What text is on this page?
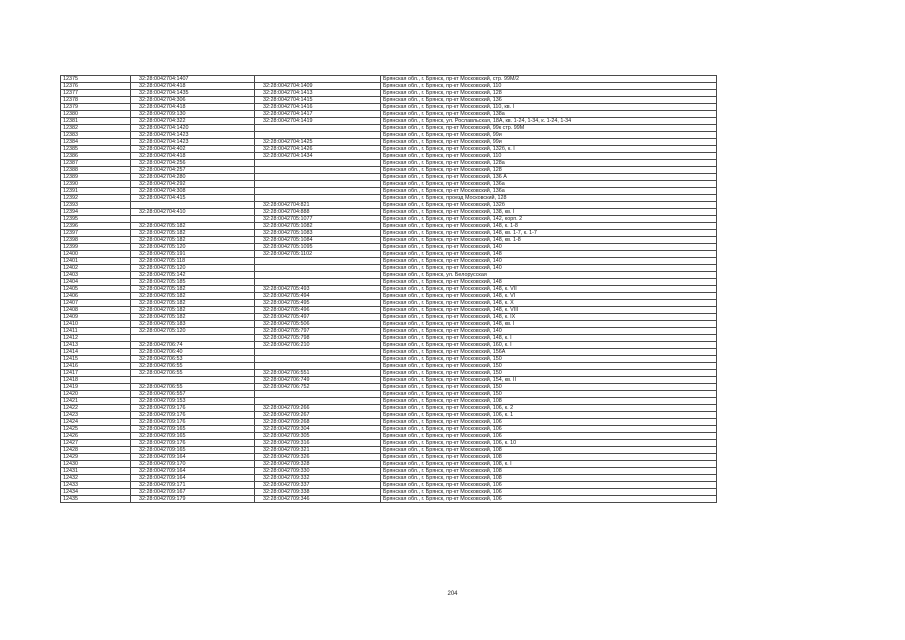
12375	32:28:0042704:1407		Брянская обл., г. Брянск, пр-кт Московский, стр. 99М/2
12376	32:28:0042704:418	32:28:0042704:1409	Брянская обл., г. Брянск, пр-кт Московский, 110
12377	32:28:0042704:1435	32:28:0042704:1413	Брянская обл., г. Брянск, пр-кт Московский, 128
12378	32:28:0042704:306	32:28:0042704:1415	Брянская обл., г. Брянск, пр-кт Московский, 136
12379	32:28:0042704:418	32:28:0042704:1416	Брянская обл., г. Брянск, пр-кт Московский, 110, кв. I
12380	32:28:0042709:130	32:28:0042704:1417	Брянская обл., г. Брянск, пр-кт Московский, 138а
12381	32:28:0042704:322	32:28:0042704:1419	Брянская обл., г. Брянск, ул. Рославльская, 18А, кв. 1-24, 1-34, к. 1-24, 1-34
12382	32:28:0042704:1420		Брянская обл., г. Брянск, пр-кт Московский, 99к стр. 99М
12383	32:28:0042704:1423		Брянская обл., г. Брянск, пр-кт Московский, 99и
12384	32:28:0042704:1423	32:28:0042704:1425	Брянская обл., г. Брянск, пр-кт Московский, 99и
12385	32:28:0042704:402	32:28:0042704:1426	Брянская обл., г. Брянск, пр-кт Московский, 132б, к. I
12386	32:28:0042704:418	32:28:0042704:1434	Брянская обл., г. Брянск, пр-кт Московский, 110
12387	32:28:0042704:256		Брянская обл., г. Брянск, пр-кт Московский, 128а
12388	32:28:0042704:257		Брянская обл., г. Брянск, пр-кт Московский, 128
12389	32:28:0042704:280		Брянская обл., г. Брянск, пр-кт Московский, 136 А
12390	32:28:0042704:292		Брянская обл., г. Брянск, пр-кт Московский, 136а
12391	32:28:0042704:308		Брянская обл., г. Брянск, пр-кт Московский, 136а
12392	32:28:0042704:415		Брянская обл., г. Брянск, проезд Московский, 128
12393		32:28:0042704:821	Брянская обл., г. Брянск, пр-кт Московский, 132б
12394	32:28:0042704:410	32:28:0042704:888	Брянская обл., г. Брянск, пр-кт Московский, 138, кв. I
12395		32:28:0042705:1077	Брянская обл., г. Брянск, пр-кт Московский, 142, корп. 2
12396	32:28:0042705:182	32:28:0042705:1082	Брянская обл., г. Брянск, пр-кт Московский, 148, к. 1-8
12397	32:28:0042705:182	32:28:0042705:1083	Брянская обл., г. Брянск, пр-кт Московский, 148, кв. 1-7, к. 1-7
12398	32:28:0042705:182	32:28:0042705:1084	Брянская обл., г. Брянск, пр-кт Московский, 148, кв. 1-8
12399	32:28:0042705:120	32:28:0042705:1095	Брянская обл., г. Брянск, пр-кт Московский, 140
12400	32:28:0042705:191	32:28:0042705:1102	Брянская обл., г. Брянск, пр-кт Московский, 148
12401	32:28:0042705:118		Брянская обл., г. Брянск, пр-кт Московский, 140
12402	32:28:0042705:120		Брянская обл., г. Брянск, пр-кт Московский, 140
12403	32:28:0042705:142		Брянская обл., г. Брянск, ул. Белорусская
12404	32:28:0042705:185		Брянская обл., г. Брянск, пр-кт Московский, 148
12405	32:28:0042705:182	32:28:0042705:493	Брянская обл., г. Брянск, пр-кт Московский, 148, к. VII
12406	32:28:0042705:182	32:28:0042705:494	Брянская обл., г. Брянск, пр-кт Московский, 148, к. VI
12407	32:28:0042705:182	32:28:0042705:495	Брянская обл., г. Брянск, пр-кт Московский, 148, к. X
12408	32:28:0042705:182	32:28:0042705:496	Брянская обл., г. Брянск, пр-кт Московский, 148, к. VIII
12409	32:28:0042705:182	32:28:0042705:497	Брянская обл., г. Брянск, пр-кт Московский, 148, к. IX
12410	32:28:0042705:183	32:28:0042705:506	Брянская обл., г. Брянск, пр-кт Московский, 148, кв. I
12411	32:28:0042705:120	32:28:0042705:797	Брянская обл., г. Брянск, пр-кт Московский, 140
12412		32:28:0042705:798	Брянская обл., г. Брянск, пр-кт Московский, 148, к. I
12413	32:28:0042706:74	32:28:0042706:210	Брянская обл., г. Брянск, пр-кт Московский, 160, к. I
12414	32:28:0042706:40		Брянская обл., г. Брянск, пр-кт Московский, 156А
12415	32:28:0042706:53		Брянская обл., г. Брянск, пр-кт Московский, 150
12416	32:28:0042706:55		Брянская обл., г. Брянск, пр-кт Московский, 150
12417	32:28:0042706:55	32:28:0042706:551	Брянская обл., г. Брянск, пр-кт Московский, 150
12418		32:28:0042706:749	Брянская обл., г. Брянск, пр-кт Московский, 154, кв. II
12419	32:28:0042706:55	32:28:0042706:752	Брянская обл., г. Брянск, пр-кт Московский, 150
12420	32:28:0042706:557		Брянская обл., г. Брянск, пр-кт Московский, 150
12421	32:28:0042709:153		Брянская обл., г. Брянск, пр-кт Московский, 108
12422	32:28:0042709:176	32:28:0042709:266	Брянская обл., г. Брянск, пр-кт Московский, 106, к. 2
12423	32:28:0042709:176	32:28:0042709:267	Брянская обл., г. Брянск, пр-кт Московский, 106, к. 1
12424	32:28:0042709:176	32:28:0042709:268	Брянская обл., г. Брянск, пр-кт Московский, 106
12425	32:28:0042709:165	32:28:0042709:304	Брянская обл., г. Брянск, пр-кт Московский, 106
12426	32:28:0042709:165	32:28:0042709:305	Брянская обл., г. Брянск, пр-кт Московский, 106
12427	32:28:0042709:176	32:28:0042709:316	Брянская обл., г. Брянск, пр-кт Московский, 106, к. 10
12428	32:28:0042709:165	32:28:0042709:321	Брянская обл., г. Брянск, пр-кт Московский, 108
12429	32:28:0042709:164	32:28:0042709:326	Брянская обл., г. Брянск, пр-кт Московский, 108
12430	32:28:0042709:170	32:28:0042709:328	Брянская обл., г. Брянск, пр-кт Московский, 108, к. I
12431	32:28:0042709:164	32:28:0042709:330	Брянская обл., г. Брянск, пр-кт Московский, 108
12432	32:28:0042709:164	32:28:0042709:332	Брянская обл., г. Брянск, пр-кт Московский, 108
12433	32:28:0042709:171	32:28:0042709:337	Брянская обл., г. Брянск, пр-кт Московский, 106
12434	32:28:0042709:167	32:28:0042709:338	Брянская обл., г. Брянск, пр-кт Московский, 106
12435	32:28:0042709:179	32:28:0042709:346	Брянская обл., г. Брянск, пр-кт Московский, 106
204
